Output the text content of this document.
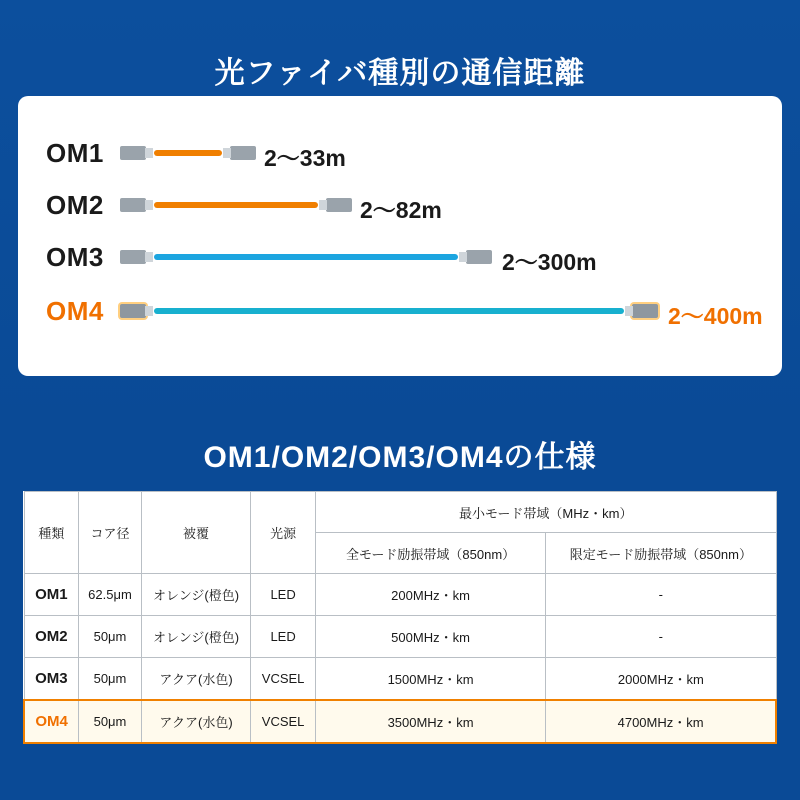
光ファイバ種別の通信距離
OM1	2～33m
OM2	2～82m
OM3	2～300m
OM4	2～400m
OM1/OM2/OM3/OM4の仕様
種類	コア径	被覆	光源	最小モード帯域（MHz・km）	
				全モード励振帯域（850nm）	限定モード励振帯域（850nm）
OM1	62.5μm	オレンジ(橙色)	LED	200MHz・km	-
OM2	50μm	オレンジ(橙色)	LED	500MHz・km	-
OM3	50μm	アクア(水色)	VCSEL	1500MHz・km	2000MHz・km
OM4	50μm	アクア(水色)	VCSEL	3500MHz・km	4700MHz・km
